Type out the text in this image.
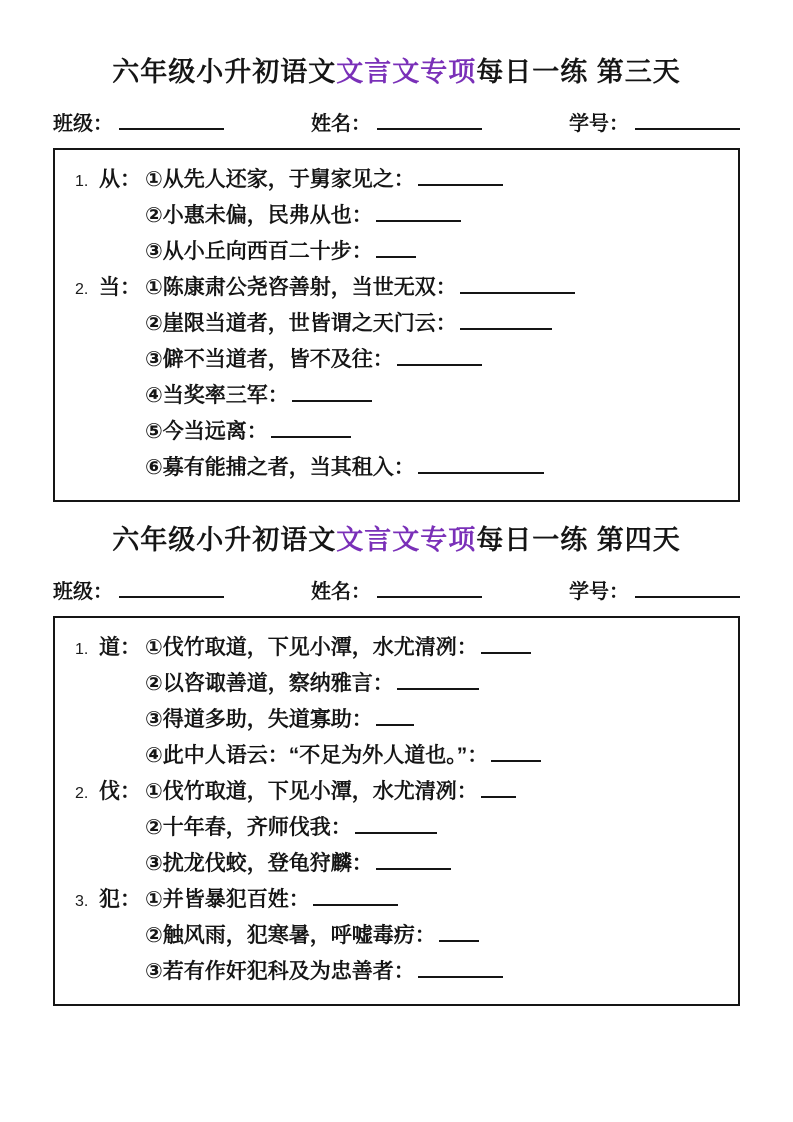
六年级小升初语文文言文专项每日一练 第三天
班级：	姓名：	学号：
1. 从： ①从先人还家，于舅家见之：
②小惠未偏，民弗从也：
③从小丘向西百二十步：
2. 当： ①陈康肃公尧咨善射，当世无双：
②崖限当道者，世皆谓之天门云：
③僻不当道者，皆不及往：
④当奖率三军：
⑤今当远离：
⑥募有能捕之者，当其租入：
六年级小升初语文文言文专项每日一练 第四天
班级：	姓名：	学号：
1. 道： ①伐竹取道，下见小潭，水尤清冽：
②以咨诹善道，察纳雅言：
③得道多助，失道寡助：
④此中人语云：“不足为外人道也。”：
2. 伐： ①伐竹取道，下见小潭，水尤清冽：
②十年春，齐师伐我：
③扰龙伐蛟，登龟狩麟：
3. 犯： ①并皆暴犯百姓：
②触风雨，犯寒暑，呼嘘毒疠：
③若有作奸犯科及为忠善者：
